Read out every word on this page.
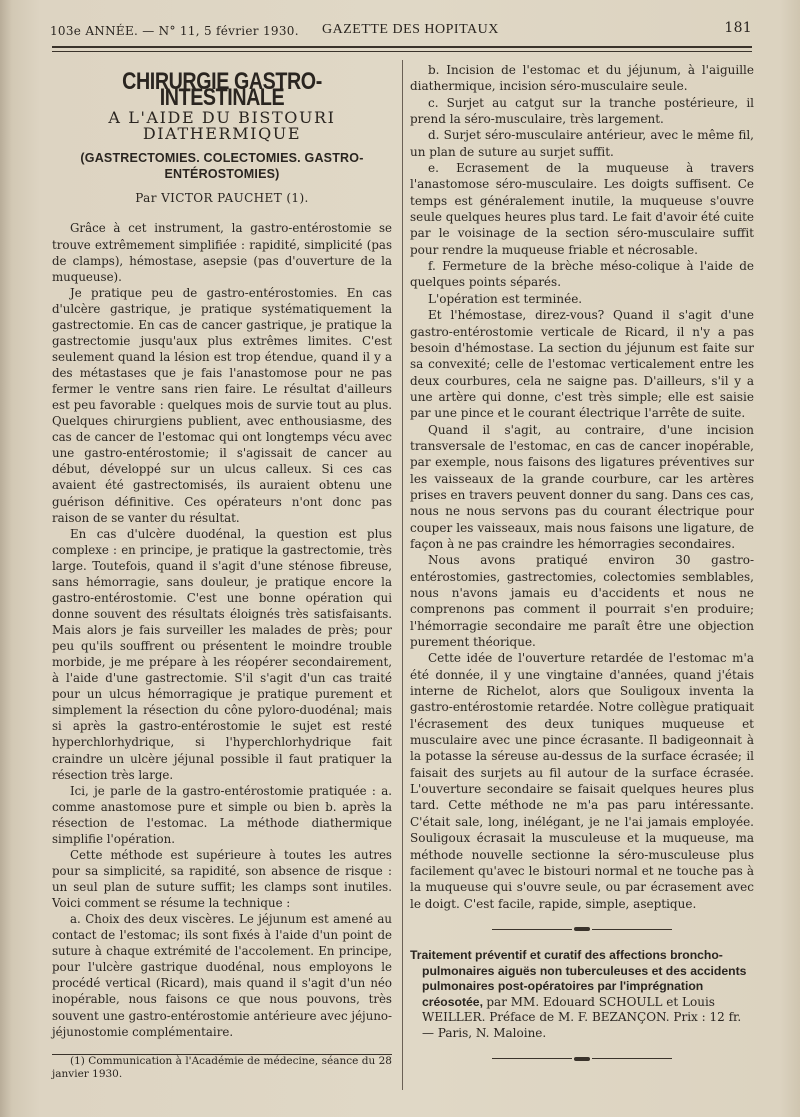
103e ANNÉE. — N° 11, 5 février 1930. GAZETTE DES HOPITAUX	181
CHIRURGIE GASTRO-INTESTINALE
A L'AIDE DU BISTOURI DIATHERMIQUE
(GASTRECTOMIES. COLECTOMIES. GASTRO-ENTÉROSTOMIES)
Par VICTOR PAUCHET (1).

Grâce à cet instrument, la gastro-entérostomie se trouve extrêmement simplifiée : rapidité, simplicité (pas de clamps), hémostase, asepsie (pas d'ouverture de la muqueuse).

Je pratique peu de gastro-entérostomies. En cas d'ulcère gastrique, je pratique systématiquement la gastrectomie. En cas de cancer gastrique, je pratique la gastrectomie jusqu'aux plus extrêmes limites. C'est seulement quand la lésion est trop étendue, quand il y a des métastases que je fais l'anastomose pour ne pas fermer le ventre sans rien faire. Le résultat d'ailleurs est peu favorable : quelques mois de survie tout au plus. Quelques chirurgiens publient, avec enthousiasme, des cas de cancer de l'estomac qui ont longtemps vécu avec une gastro-entérostomie; il s'agissait de cancer au début, développé sur un ulcus calleux. Si ces cas avaient été gastrectomisés, ils auraient obtenu une guérison définitive. Ces opérateurs n'ont donc pas raison de se vanter du résultat.

En cas d'ulcère duodénal, la question est plus complexe : en principe, je pratique la gastrectomie, très large. Toutefois, quand il s'agit d'une sténose fibreuse, sans hémorragie, sans douleur, je pratique encore la gastro-entérostomie. C'est une bonne opération qui donne souvent des résultats éloignés très satisfaisants. Mais alors je fais surveiller les malades de près; pour peu qu'ils souffrent ou présentent le moindre trouble morbide, je me prépare à les réopérer secondairement, à l'aide d'une gastrectomie. S'il s'agit d'un cas traité pour un ulcus hémorragique je pratique purement et simplement la résection du cône pyloro-duodénal; mais si après la gastro-entérostomie le sujet est resté hyperchlorhydrique, si l'hyperchlorhydrique fait craindre un ulcère jéjunal possible il faut pratiquer la résection très large.

Ici, je parle de la gastro-entérostomie pratiquée : a. comme anastomose pure et simple ou bien b. après la résection de l'estomac. La méthode diathermique simplifie l'opération.

Cette méthode est supérieure à toutes les autres pour sa simplicité, sa rapidité, son absence de risque : un seul plan de suture suffit; les clamps sont inutiles. Voici comment se résume la technique :

a. Choix des deux viscères. Le jéjunum est amené au contact de l'estomac; ils sont fixés à l'aide d'un point de suture à chaque extrémité de l'accolement. En principe, pour l'ulcère gastrique duodénal, nous employons le procédé vertical (Ricard), mais quand il s'agit d'un néo inopérable, nous faisons ce que nous pouvons, très souvent une gastro-entérostomie antérieure avec jéjuno-jéjunostomie complémentaire.

(1) Communication à l'Académie de médecine, séance du 28 janvier 1930.

b. Incision de l'estomac et du jéjunum, à l'aiguille diathermique, incision séro-musculaire seule.

c. Surjet au catgut sur la tranche postérieure, il prend la séro-musculaire, très largement.

d. Surjet séro-musculaire antérieur, avec le même fil, un plan de suture au surjet suffit.

e. Ecrasement de la muqueuse à travers l'anastomose séro-musculaire. Les doigts suffisent. Ce temps est généralement inutile, la muqueuse s'ouvre seule quelques heures plus tard. Le fait d'avoir été cuite par le voisinage de la section séro-musculaire suffit pour rendre la muqueuse friable et nécrosable.

f. Fermeture de la brèche méso-colique à l'aide de quelques points séparés.

L'opération est terminée.

Et l'hémostase, direz-vous? Quand il s'agit d'une gastro-entérostomie verticale de Ricard, il n'y a pas besoin d'hémostase. La section du jéjunum est faite sur sa convexité; celle de l'estomac verticalement entre les deux courbures, cela ne saigne pas. D'ailleurs, s'il y a une artère qui donne, c'est très simple; elle est saisie par une pince et le courant électrique l'arrête de suite.

Quand il s'agit, au contraire, d'une incision transversale de l'estomac, en cas de cancer inopérable, par exemple, nous faisons des ligatures préventives sur les vaisseaux de la grande courbure, car les artères prises en travers peuvent donner du sang. Dans ces cas, nous ne nous servons pas du courant électrique pour couper les vaisseaux, mais nous faisons une ligature, de façon à ne pas craindre les hémorragies secondaires.

Nous avons pratiqué environ 30 gastro-entérostomies, gastrectomies, colectomies semblables, nous n'avons jamais eu d'accidents et nous ne comprenons pas comment il pourrait s'en produire; l'hémorragie secondaire me paraît être une objection purement théorique.

Cette idée de l'ouverture retardée de l'estomac m'a été donnée, il y une vingtaine d'années, quand j'étais interne de Richelot, alors que Souligoux inventa la gastro-entérostomie retardée. Notre collègue pratiquait l'écrasement des deux tuniques muqueuse et musculaire avec une pince écrasante. Il badigeonnait à la potasse la séreuse au-dessus de la surface écrasée; il faisait des surjets au fil autour de la surface écrasée. L'ouverture secondaire se faisait quelques heures plus tard. Cette méthode ne m'a pas paru intéressante. C'était sale, long, inélégant, je ne l'ai jamais employée. Souligoux écrasait la musculeuse et la muqueuse, ma méthode nouvelle sectionne la séro-musculeuse plus facilement qu'avec le bistouri normal et ne touche pas à la muqueuse qui s'ouvre seule, ou par écrasement avec le doigt. C'est facile, rapide, simple, aseptique.

Traitement préventif et curatif des affections broncho-pulmonaires aiguës non tuberculeuses et des accidents pulmonaires post-opératoires par l'imprégnation créosotée, par MM. Edouard SCHOULL et Louis WEILLER. Préface de M. F. BEZANÇON. Prix : 12 fr. — Paris, N. Maloine.
